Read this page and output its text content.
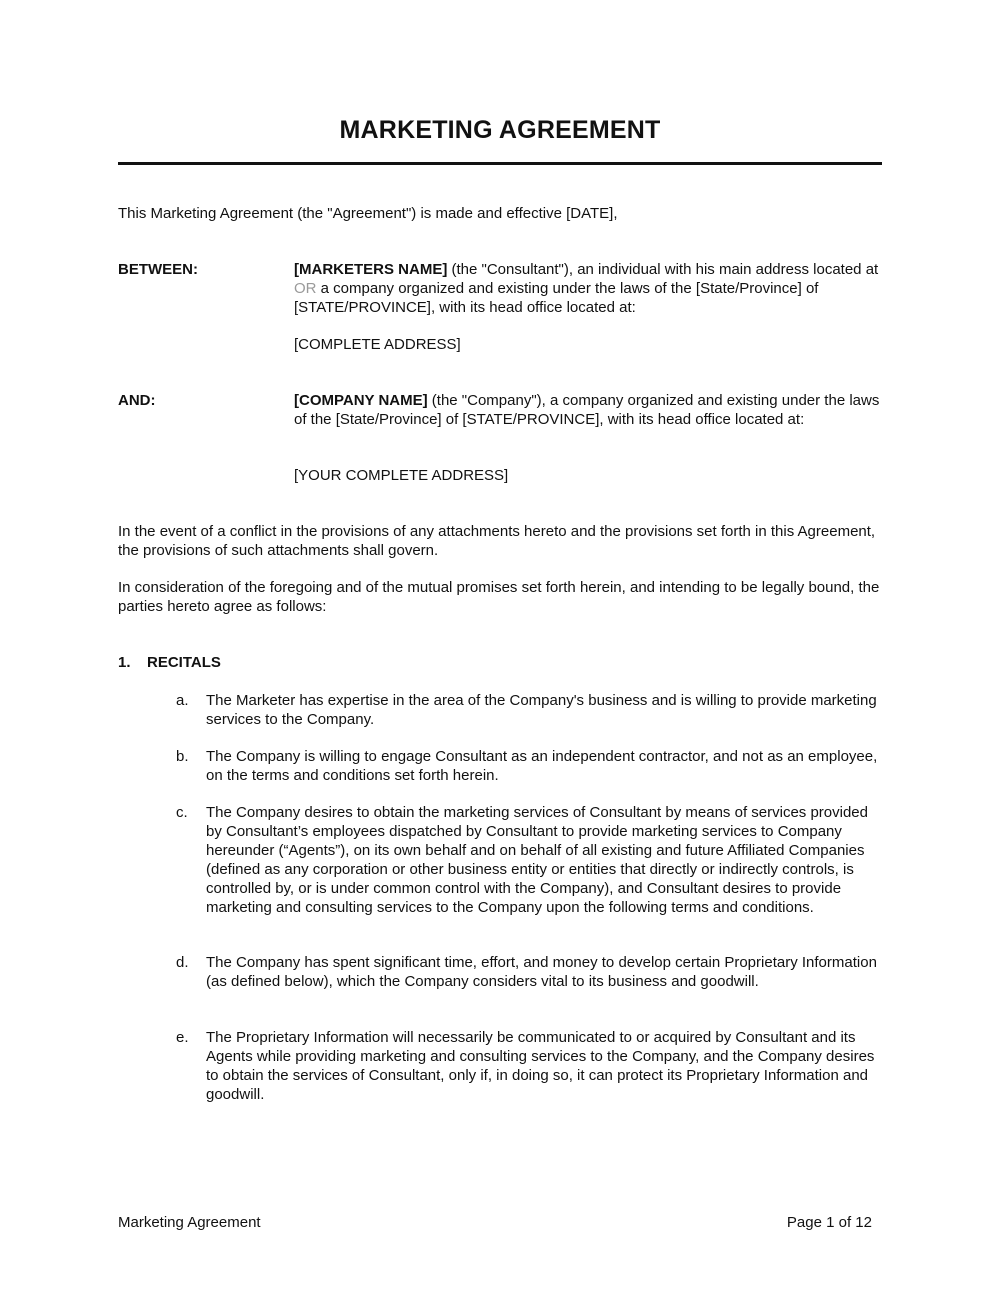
MARKETING AGREEMENT
This Marketing Agreement (the "Agreement") is made and effective [DATE],
BETWEEN:	[MARKETERS NAME] (the "Consultant"), an individual with his main address located at OR a company organized and existing under the laws of the [State/Province] of [STATE/PROVINCE], with its head office located at:
[COMPLETE ADDRESS]
AND:	[COMPANY NAME] (the "Company"), a company organized and existing under the laws of the [State/Province] of [STATE/PROVINCE], with its head office located at:
[YOUR COMPLETE ADDRESS]
In the event of a conflict in the provisions of any attachments hereto and the provisions set forth in this Agreement, the provisions of such attachments shall govern.
In consideration of the foregoing and of the mutual promises set forth herein, and intending to be legally bound, the parties hereto agree as follows:
1. RECITALS
a. The Marketer has expertise in the area of the Company's business and is willing to provide marketing services to the Company.
b. The Company is willing to engage Consultant as an independent contractor, and not as an employee, on the terms and conditions set forth herein.
c. The Company desires to obtain the marketing services of Consultant by means of services provided by Consultant’s employees dispatched by Consultant to provide marketing services to Company hereunder (“Agents”), on its own behalf and on behalf of all existing and future Affiliated Companies (defined as any corporation or other business entity or entities that directly or indirectly controls, is controlled by, or is under common control with the Company), and Consultant desires to provide marketing and consulting services to the Company upon the following terms and conditions.
d. The Company has spent significant time, effort, and money to develop certain Proprietary Information (as defined below), which the Company considers vital to its business and goodwill.
e. The Proprietary Information will necessarily be communicated to or acquired by Consultant and its Agents while providing marketing and consulting services to the Company, and the Company desires to obtain the services of Consultant, only if, in doing so, it can protect its Proprietary Information and goodwill.
Marketing Agreement	Page 1 of 12
